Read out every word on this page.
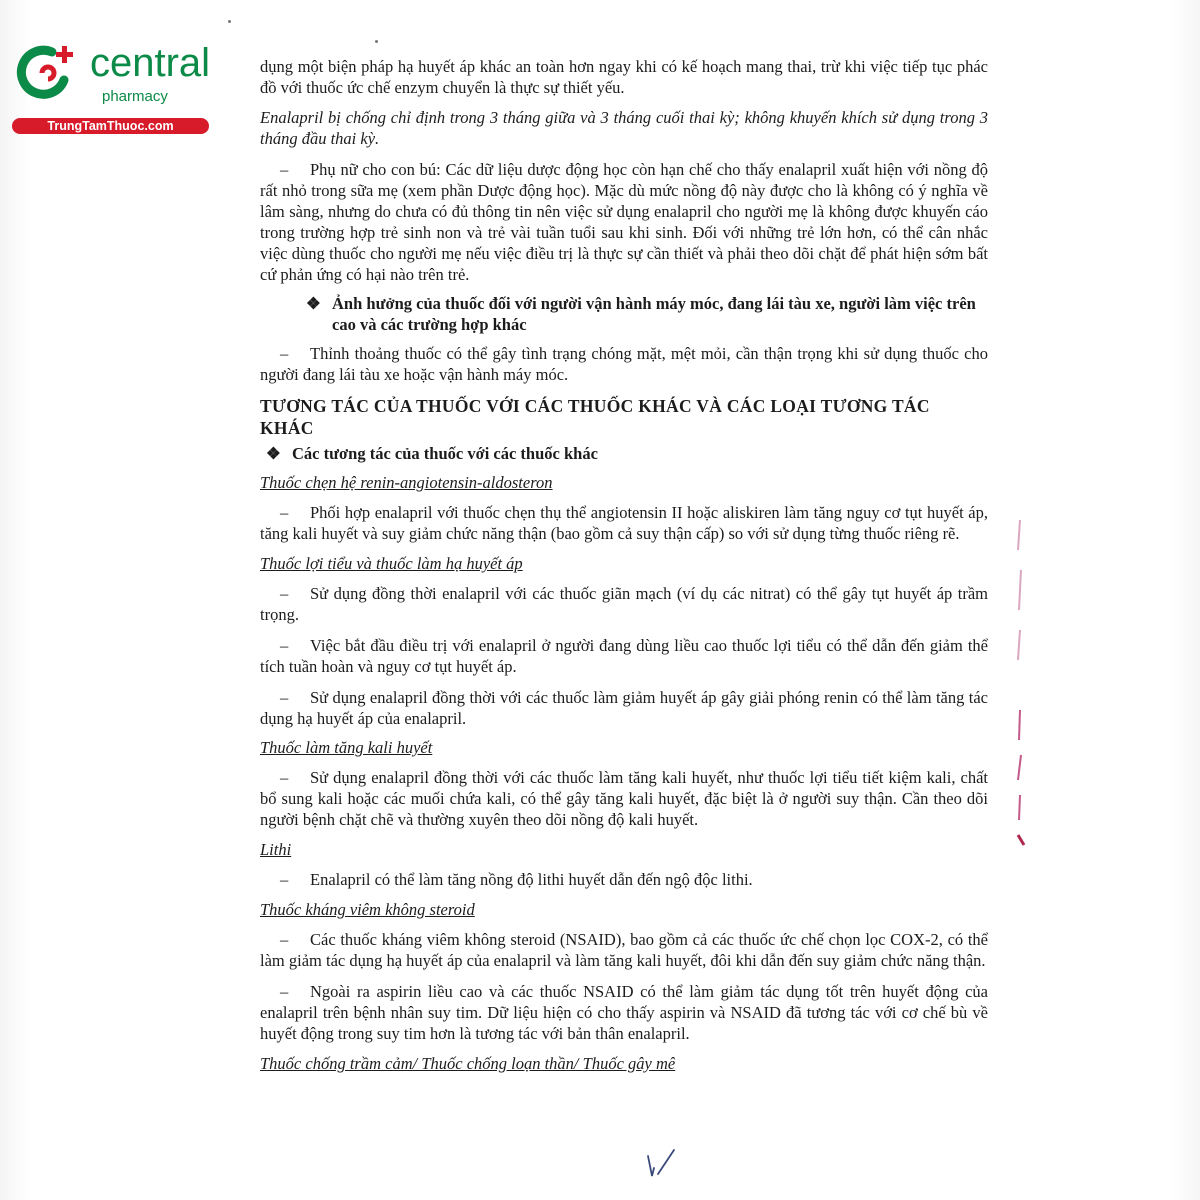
central
pharmacy
TrungTamThuoc.com

dụng một biện pháp hạ huyết áp khác an toàn hơn ngay khi có kế hoạch mang thai, trừ khi việc tiếp tục phác đồ với thuốc ức chế enzym chuyển là thực sự thiết yếu.

Enalapril bị chống chỉ định trong 3 tháng giữa và 3 tháng cuối thai kỳ; không khuyến khích sử dụng trong 3 tháng đầu thai kỳ.

– Phụ nữ cho con bú: Các dữ liệu dược động học còn hạn chế cho thấy enalapril xuất hiện với nồng độ rất nhỏ trong sữa mẹ (xem phần Dược động học). Mặc dù mức nồng độ này được cho là không có ý nghĩa về lâm sàng, nhưng do chưa có đủ thông tin nên việc sử dụng enalapril cho người mẹ là không được khuyến cáo trong trường hợp trẻ sinh non và trẻ vài tuần tuổi sau khi sinh. Đối với những trẻ lớn hơn, có thể cân nhắc việc dùng thuốc cho người mẹ nếu việc điều trị là thực sự cần thiết và phải theo dõi chặt để phát hiện sớm bất cứ phản ứng có hại nào trên trẻ.

❖ Ảnh hưởng của thuốc đối với người vận hành máy móc, đang lái tàu xe, người làm việc trên cao và các trường hợp khác

– Thỉnh thoảng thuốc có thể gây tình trạng chóng mặt, mệt mỏi, cần thận trọng khi sử dụng thuốc cho người đang lái tàu xe hoặc vận hành máy móc.

TƯƠNG TÁC CỦA THUỐC VỚI CÁC THUỐC KHÁC VÀ CÁC LOẠI TƯƠNG TÁC KHÁC

❖ Các tương tác của thuốc với các thuốc khác

Thuốc chẹn hệ renin-angiotensin-aldosteron

– Phối hợp enalapril với thuốc chẹn thụ thể angiotensin II hoặc aliskiren làm tăng nguy cơ tụt huyết áp, tăng kali huyết và suy giảm chức năng thận (bao gồm cả suy thận cấp) so với sử dụng từng thuốc riêng rẽ.

Thuốc lợi tiểu và thuốc làm hạ huyết áp

– Sử dụng đồng thời enalapril với các thuốc giãn mạch (ví dụ các nitrat) có thể gây tụt huyết áp trầm trọng.

– Việc bắt đầu điều trị với enalapril ở người đang dùng liều cao thuốc lợi tiểu có thể dẫn đến giảm thể tích tuần hoàn và nguy cơ tụt huyết áp.

– Sử dụng enalapril đồng thời với các thuốc làm giảm huyết áp gây giải phóng renin có thể làm tăng tác dụng hạ huyết áp của enalapril.

Thuốc làm tăng kali huyết

– Sử dụng enalapril đồng thời với các thuốc làm tăng kali huyết, như thuốc lợi tiểu tiết kiệm kali, chất bổ sung kali hoặc các muối chứa kali, có thể gây tăng kali huyết, đặc biệt là ở người suy thận. Cần theo dõi người bệnh chặt chẽ và thường xuyên theo dõi nồng độ kali huyết.

Lithi

– Enalapril có thể làm tăng nồng độ lithi huyết dẫn đến ngộ độc lithi.

Thuốc kháng viêm không steroid

– Các thuốc kháng viêm không steroid (NSAID), bao gồm cả các thuốc ức chế chọn lọc COX-2, có thể làm giảm tác dụng hạ huyết áp của enalapril và làm tăng kali huyết, đôi khi dẫn đến suy giảm chức năng thận.

– Ngoài ra aspirin liều cao và các thuốc NSAID có thể làm giảm tác dụng tốt trên huyết động của enalapril trên bệnh nhân suy tim. Dữ liệu hiện có cho thấy aspirin và NSAID đã tương tác với cơ chế bù về huyết động trong suy tim hơn là tương tác với bản thân enalapril.

Thuốc chống trầm cảm/ Thuốc chống loạn thần/ Thuốc gây mê
